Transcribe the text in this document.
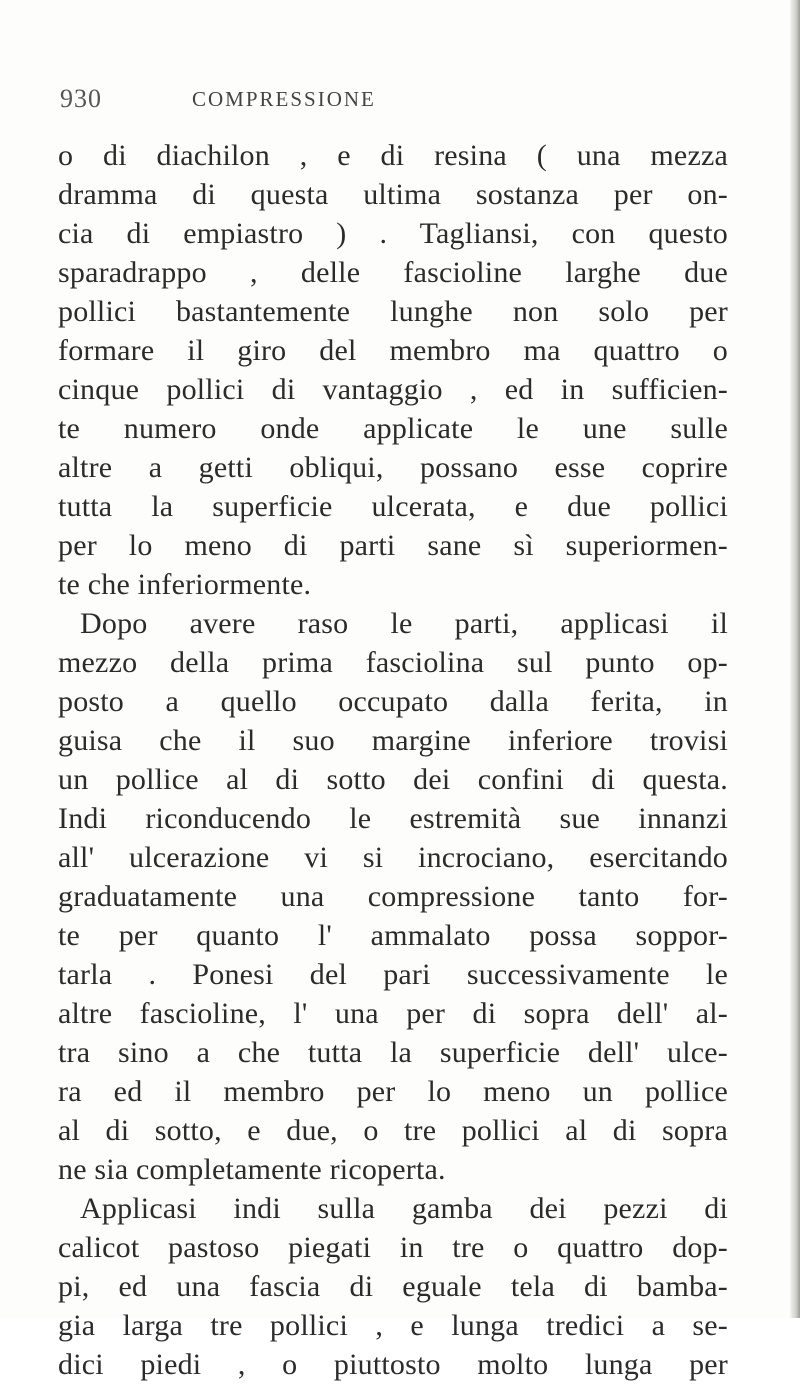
930	COMPRESSIONE
o di diachilon , e di resina ( una mezza
dramma di questa ultima sostanza per on-
cia di empiastro ) . Tagliansi, con questo
sparadrappo , delle fascioline larghe due
pollici bastantemente lunghe non solo per
formare il giro del membro ma quattro o
cinque pollici di vantaggio , ed in sufficien-
te numero onde applicate le une sulle
altre a getti obliqui, possano esse coprire
tutta la superficie ulcerata, e due pollici
per lo meno di parti sane sì superiormen-
te che inferiormente.
Dopo avere raso le parti, applicasi il
mezzo della prima fasciolina sul punto op-
posto a quello occupato dalla ferita, in
guisa che il suo margine inferiore trovisi
un pollice al di sotto dei confini di questa.
Indi riconducendo le estremità sue innanzi
all' ulcerazione vi si incrociano, esercitando
graduatamente una compressione tanto for-
te per quanto l' ammalato possa soppor-
tarla . Ponesi del pari successivamente le
altre fascioline, l' una per di sopra dell' al-
tra sino a che tutta la superficie dell' ulce-
ra ed il membro per lo meno un pollice
al di sotto, e due, o tre pollici al di sopra
ne sia completamente ricoperta.
Applicasi indi sulla gamba dei pezzi di
calicot pastoso piegati in tre o quattro dop-
pi, ed una fascia di eguale tela di bamba-
gia larga tre pollici , e lunga tredici a se-
dici piedi , o piuttosto molto lunga per
